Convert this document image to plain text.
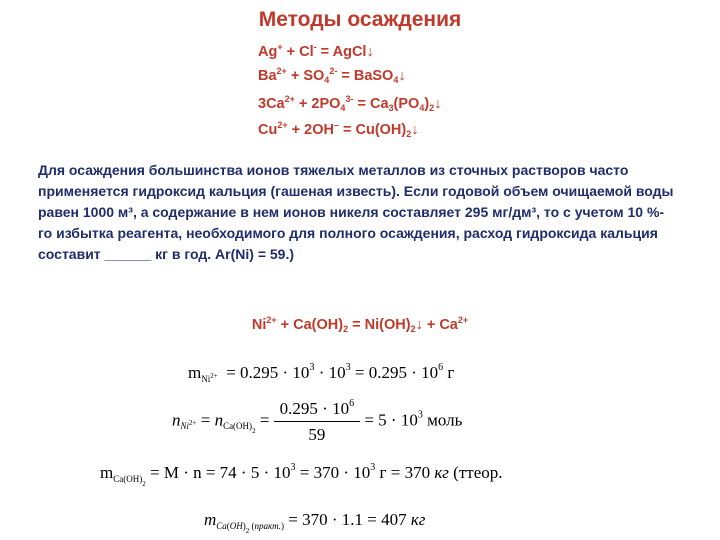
Методы осаждения
Ag+ + Cl- = AgCl↓
$Ba^{2+} + SO_4^{2-}$ = BaSO$_4$↓
$3Ca^{2+} + 2PO_4^{3-}$ = $Ca_3(PO_4)_2↓$
$Cu^{2+} + 2OH^-$ = $Cu(OH)_2↓$
Для осаждения большинства ионов тяжелых металлов из сточных растворов часто применяется гидроксид кальция (гашеная известь). Если годовой объем очищаемой воды равен 1000 м³, а содержание в нем ионов никеля составляет 295 мг/дм³, то с учетом 10 %-го избытка реагента, необходимого для полного осаждения, расход гидроксида кальция составит ______ кг в год. Ar(Ni) = 59.)
$Ni^{2+} + Ca(OH)_2$ = $Ni(OH)_2↓ + Ca^{2+}$
$m_{Ni^{2+}} = 0.295 \cdot 10^3 \cdot 10^3 = 0.295 \cdot 10^6$ г
$n_{Ni^{2+}} = n_{Ca(OH)_2} = \frac{0.295 \cdot 10^6}{59} = 5 \cdot 10^3$ моль
$m_{Ca(OH)_2} = M \cdot n = 74 \cdot 5 \cdot 10^3 = 370 \cdot 10^3$ г = 370 кг (ттеор.
$m_{Ca(OH)_2 (практ.)} = 370 \cdot 1.1 = 407$ кг
